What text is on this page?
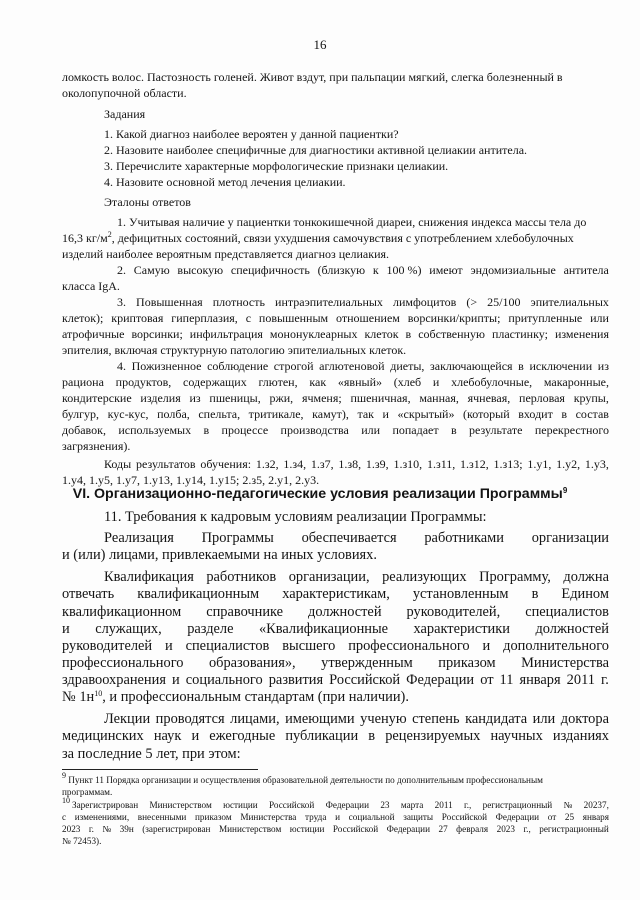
16
ломкость волос. Пастозность голеней. Живот вздут, при пальпации мягкий, слегка болезненный в
околопупочной области.
Задания
1. Какой диагноз наиболее вероятен у данной пациентки?
2. Назовите наиболее специфичные для диагностики активной целиакии антитела.
3. Перечислите характерные морфологические признаки целиакии.
4. Назовите основной метод лечения целиакии.
Эталоны ответов
1. Учитывая наличие у пациентки тонкокишечной диареи, снижения индекса массы тела до
16,3 $кг/м^2$, дефицитных состояний, связи ухудшения самочувствия с употреблением хлебобулочных
изделий наиболее вероятным представляется диагноз целиакия.
2. Самую высокую специфичность (близкую к 100 %) имеют эндомизиальные антитела
класса IgA.
3. Повышенная плотность интраэпителиальных лимфоцитов (> 25/100 эпителиальных
клеток); криптовая гиперплазия, с повышенным отношением ворсинки/крипты; притупленные или
атрофичные ворсинки; инфильтрация мононуклеарных клеток в собственную пластинку; изменения
эпителия, включая структурную патологию эпителиальных клеток.
4. Пожизненное соблюдение строгой аглютеновой диеты, заключающейся в исключении из
рациона продуктов, содержащих глютен, как «явный» (хлеб и хлебобулочные, макаронные,
кондитерские изделия из пшеницы, ржи, ячменя; пшеничная, манная, ячневая, перловая крупы,
булгур, кус-кус, полба, спельта, тритикале, камут), так и «скрытый» (который входит в состав
добавок, используемых в процессе производства или попадает в результате перекрестного
загрязнения).
Коды результатов обучения: 1.з2, 1.з4, 1.з7, 1.з8, 1.з9, 1.з10, 1.з11, 1.з12, 1.з13; 1.у1, 1.у2, 1.у3,
1.у4, 1.у5, 1.у7, 1.у13, 1.у14, 1.у15; 2.з5, 2.у1, 2.у3.
VI. Организационно-педагогические условия реализации Программы$^9$
11. Требования к кадровым условиям реализации Программы:
Реализация Программы обеспечивается работниками организации
и (или) лицами, привлекаемыми на иных условиях.
Квалификация работников организации, реализующих Программу, должна
отвечать квалификационным характеристикам, установленным в Едином
квалификационном справочнике должностей руководителей, специалистов
и служащих, разделе «Квалификационные характеристики должностей
руководителей и специалистов высшего профессионального и дополнительного
профессионального образования», утвержденным приказом Министерства
здравоохранения и социального развития Российской Федерации от 11 января 2011 г.
№ $1н^{10}$, и профессиональным стандартам (при наличии).
Лекции проводятся лицами, имеющими ученую степень кандидата или доктора
медицинских наук и ежегодные публикации в рецензируемых научных изданиях
за последние 5 лет, при этом:
$^9$ Пункт 11 Порядка организации и осуществления образовательной деятельности по дополнительным профессиональным
программам.
$^{10}$ Зарегистрирован Министерством юстиции Российской Федерации 23 марта 2011 г., регистрационный № 20237,
с изменениями, внесенными приказом Министерства труда и социальной защиты Российской Федерации от 25 января
2023 г. № 39н (зарегистрирован Министерством юстиции Российской Федерации 27 февраля 2023 г., регистрационный
№ 72453).
